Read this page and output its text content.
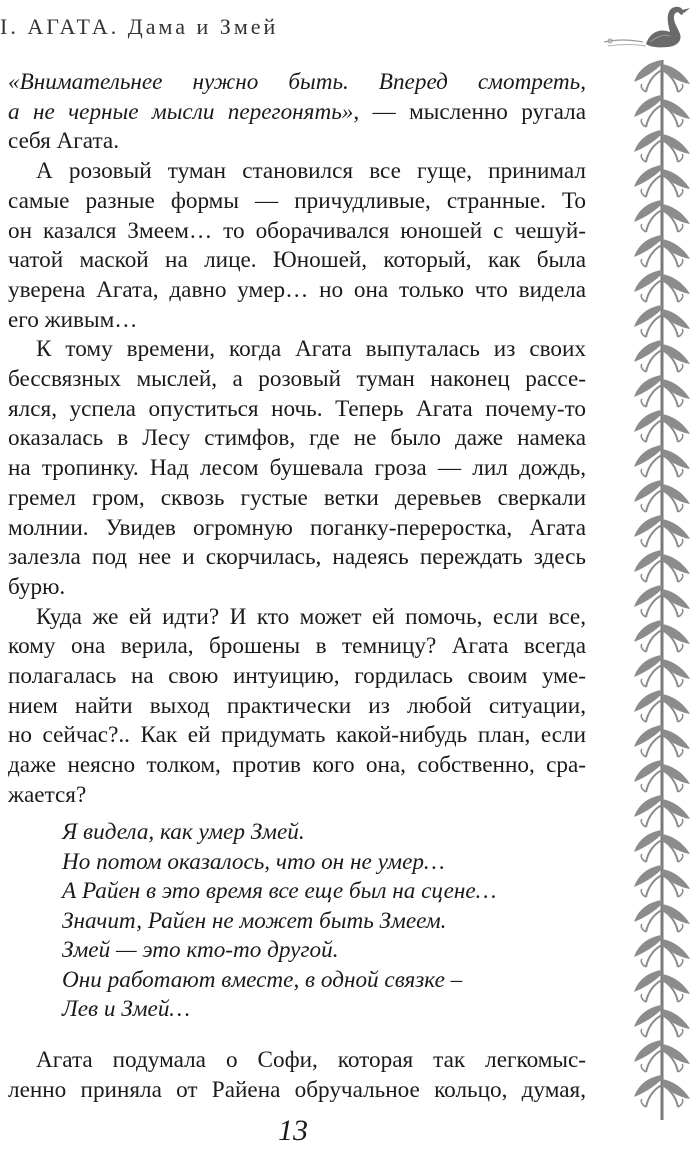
I. АГАТА. Дама и Змей
«Внимательнее нужно быть. Вперед смотреть,
а не черные мысли перегонять», — мысленно ругала
себя Агата.
А розовый туман становился все гуще, принимал
самые разные формы — причудливые, странные. То
он казался Змеем… то оборачивался юношей с чешуй-
чатой маской на лице. Юношей, который, как была
уверена Агата, давно умер… но она только что видела
его живым…
К тому времени, когда Агата выпуталась из своих
бессвязных мыслей, а розовый туман наконец рассе-
ялся, успела опуститься ночь. Теперь Агата почему-то
оказалась в Лесу стимфов, где не было даже намека
на тропинку. Над лесом бушевала гроза — лил дождь,
гремел гром, сквозь густые ветки деревьев сверкали
молнии. Увидев огромную поганку-переростка, Агата
залезла под нее и скорчилась, надеясь переждать здесь
бурю.
Куда же ей идти? И кто может ей помочь, если все,
кому она верила, брошены в темницу? Агата всегда
полагалась на свою интуицию, гордилась своим уме-
нием найти выход практически из любой ситуации,
но сейчас?.. Как ей придумать какой-нибудь план, если
даже неясно толком, против кого она, собственно, сра-
жается?
Я видела, как умер Змей.
Но потом оказалось, что он не умер…
А Райен в это время все еще был на сцене…
Значит, Райен не может быть Змеем.
Змей — это кто-то другой.
Они работают вместе, в одной связке –
Лев и Змей…
Агата подумала о Софи, которая так легкомыс-
ленно приняла от Райена обручальное кольцо, думая,
13
